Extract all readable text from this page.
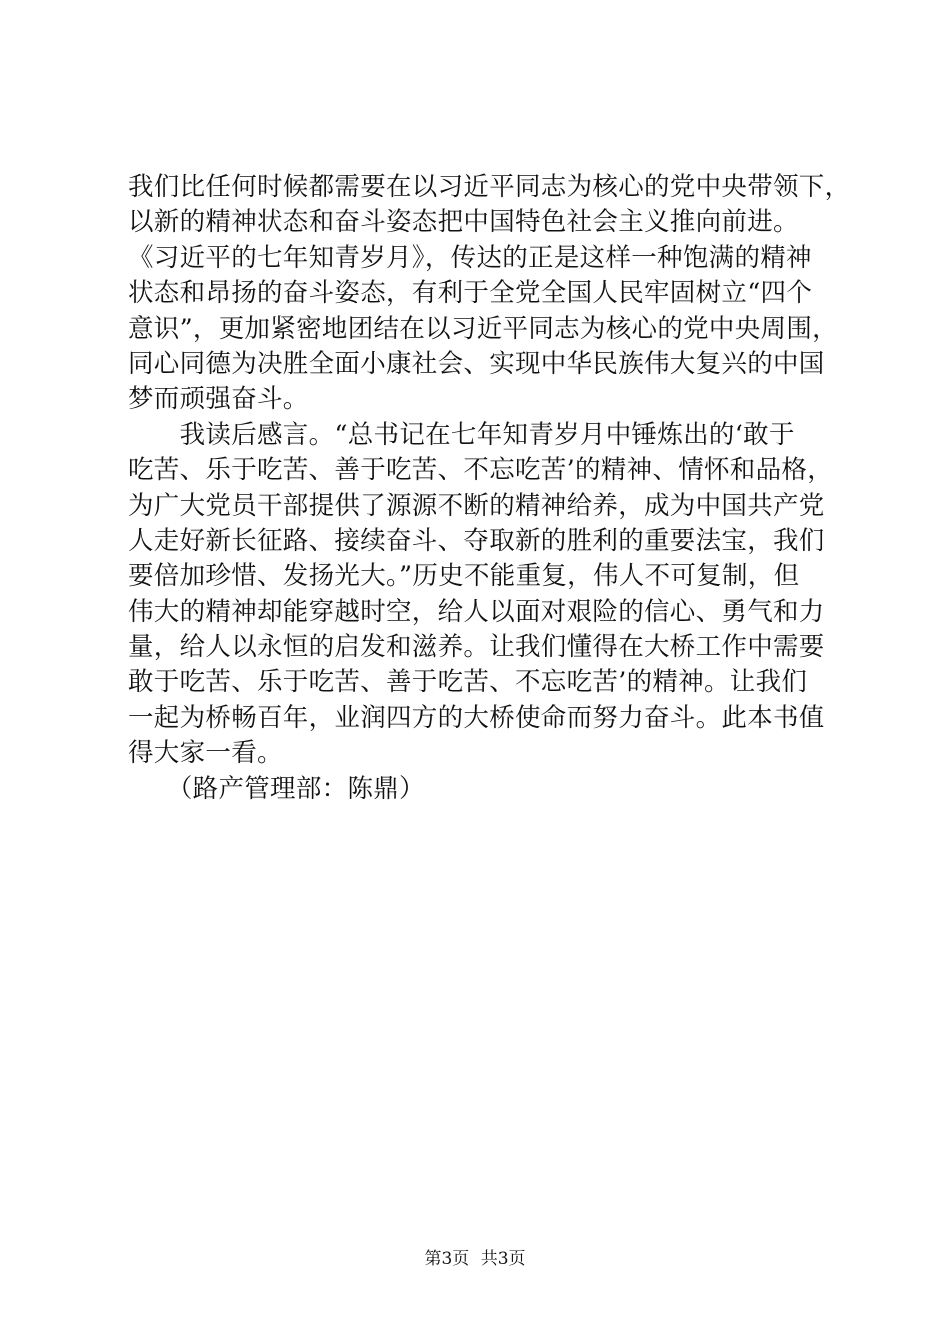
我们比任何时候都需要在以习近平同志为核心的党中央带领下，
以新的精神状态和奋斗姿态把中国特色社会主义推向前进。
《习近平的七年知青岁月》，传达的正是这样一种饱满的精神
状态和昂扬的奋斗姿态，有利于全党全国人民牢固树立“四个
意识”，更加紧密地团结在以习近平同志为核心的党中央周围，
同心同德为决胜全面小康社会、实现中华民族伟大复兴的中国
梦而顽强奋斗。
　　我读后感言。“总书记在七年知青岁月中锤炼出的‘敢于
吃苦、乐于吃苦、善于吃苦、不忘吃苦’的精神、情怀和品格，
为广大党员干部提供了源源不断的精神给养，成为中国共产党
人走好新长征路、接续奋斗、夺取新的胜利的重要法宝，我们
要倍加珍惜、发扬光大。”历史不能重复，伟人不可复制，但
伟大的精神却能穿越时空，给人以面对艰险的信心、勇气和力
量，给人以永恒的启发和滋养。让我们懂得在大桥工作中需要
敢于吃苦、乐于吃苦、善于吃苦、不忘吃苦’的精神。让我们
一起为桥畅百年，业润四方的大桥使命而努力奋斗。此本书值
得大家一看。
　　（路产管理部：陈鼎）
第3页 共3页
